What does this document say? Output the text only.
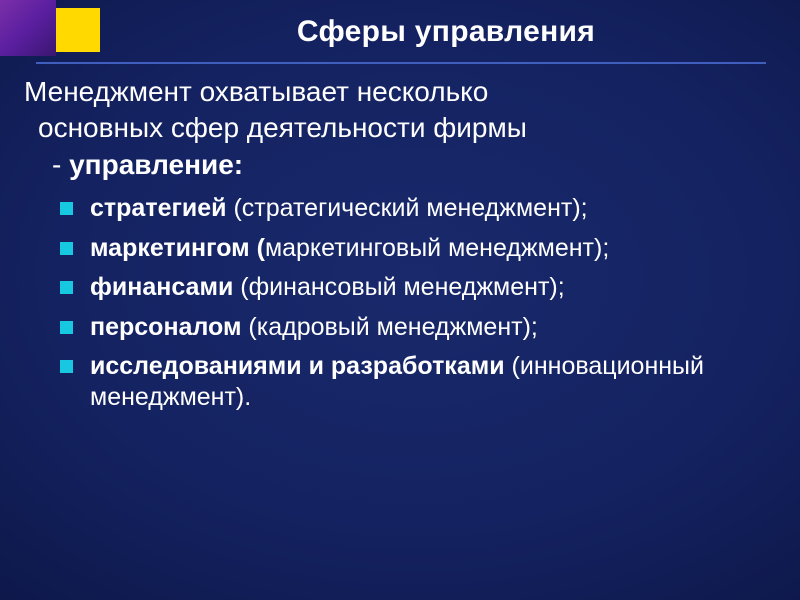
Сферы управления

Менеджмент охватывает несколько
основных сфер деятельности фирмы
- управление:

стратегией (стратегический менеджмент);
маркетингом (маркетинговый менеджмент);
финансами (финансовый менеджмент);
персоналом (кадровый менеджмент);
исследованиями и разработками (инновационный менеджмент).
